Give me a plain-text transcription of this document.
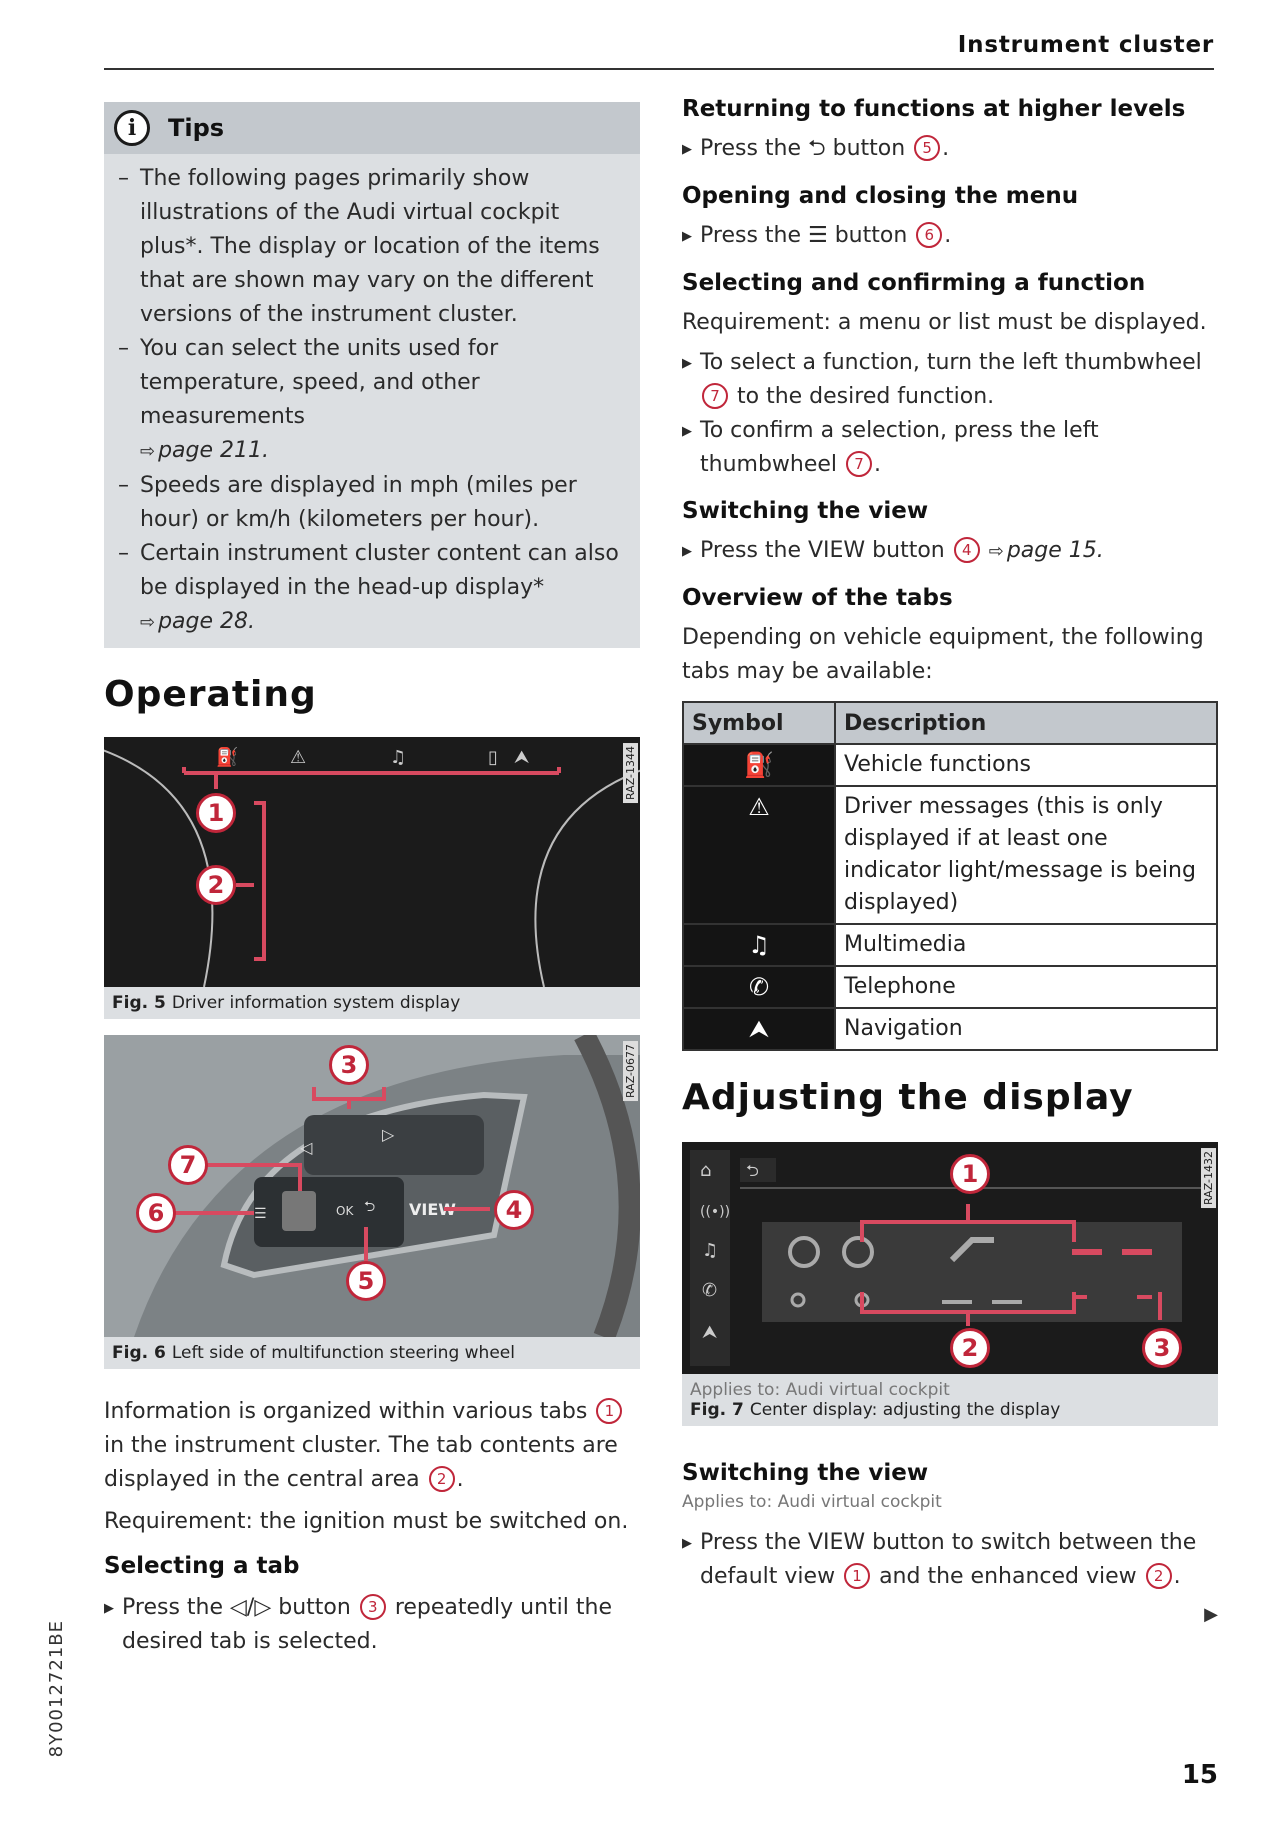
Instrument cluster
i	Tips
– The following pages primarily show illustrations of the Audi virtual cockpit plus*. The display or location of the items that are shown may vary on the different versions of the instrument cluster.
– You can select the units used for temperature, speed, and other measurements
⇨ page 211.
– Speeds are displayed in mph (miles per hour) or km/h (kilometers per hour).
– Certain instrument cluster content can also be displayed in the head-up display*
⇨ page 28.
Operating
⛽	⚠	♫	▯ ⮝
1
2
RAZ-1344
Fig. 5 Driver information system display
◁
▷
☰	OK ⮌ VIEW
3
4
5
6
7
RAZ-0677
Fig. 6 Left side of multifunction steering wheel
Information is organized within various tabs 1 in the instrument cluster. The tab contents are displayed in the central area 2 .
Requirement: the ignition must be switched on.
Selecting a tab
▶ Press the ◁/▷ button 3 repeatedly until the desired tab is selected.
Returning to functions at higher levels
▶ Press the ⮌ button 5 .
Opening and closing the menu
▶ Press the ☰ button 6 .
Selecting and confirming a function
Requirement: a menu or list must be displayed.
▶ To select a function, turn the left thumbwheel 7 to the desired function.
▶ To confirm a selection, press the left thumbwheel 7 .
Switching the view
▶ Press the VIEW button 4 ⇨ page 15.
Overview of the tabs
Depending on vehicle equipment, the following tabs may be available:
Symbol	Description
⛽	Vehicle functions
⚠	Driver messages (this is only displayed if at least one indicator light/message is being displayed)
♫	Multimedia
✆	Telephone
⮝	Navigation
Adjusting the display
⌂
((•))
♫
✆
⮝
⮌	1
2	3
RAZ-1432
Applies to: Audi virtual cockpit
Fig. 7 Center display: adjusting the display
Switching the view
Applies to: Audi virtual cockpit
▶ Press the VIEW button to switch between the default view 1 and the enhanced view 2 .
▶
8Y0012721BE
15
